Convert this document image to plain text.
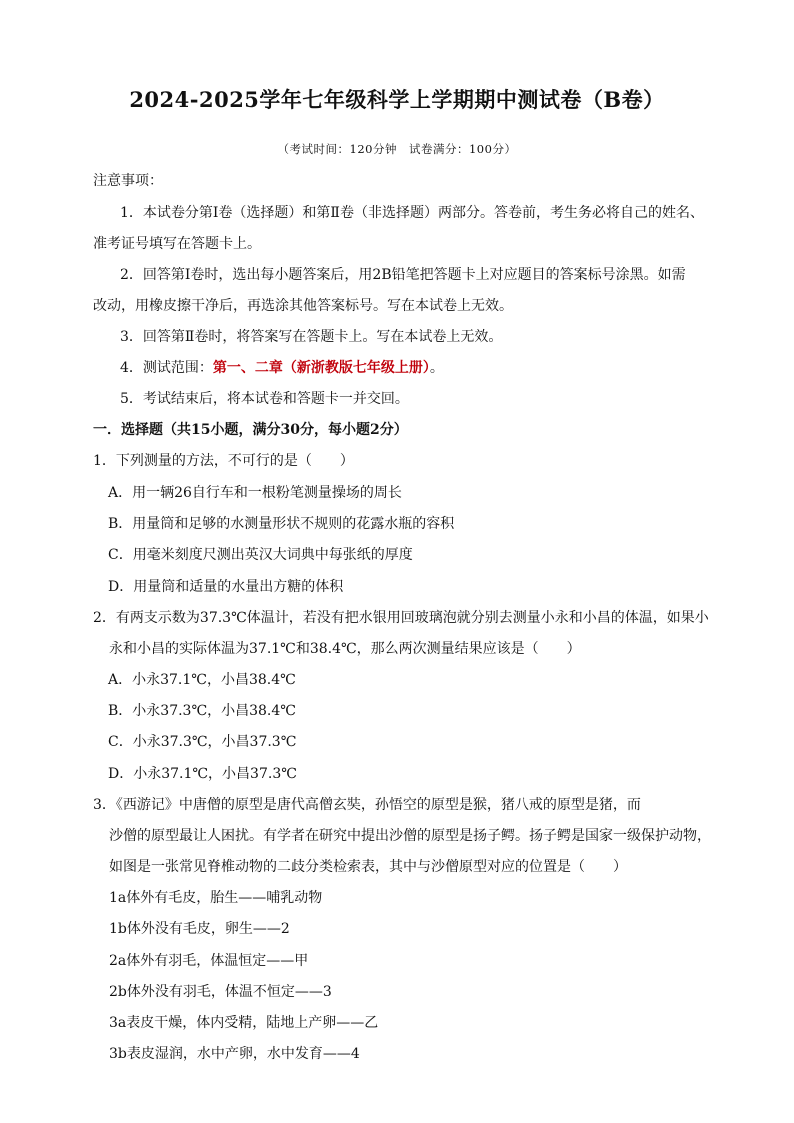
2024-2025学年七年级科学上学期期中测试卷（B卷）
（考试时间：120分钟　试卷满分：100分）
注意事项：
1．本试卷分第Ⅰ卷（选择题）和第Ⅱ卷（非选择题）两部分。答卷前，考生务必将自己的姓名、
准考证号填写在答题卡上。
2．回答第Ⅰ卷时，选出每小题答案后，用2B铅笔把答题卡上对应题目的答案标号涂黑。如需
改动，用橡皮擦干净后，再选涂其他答案标号。写在本试卷上无效。
3．回答第Ⅱ卷时，将答案写在答题卡上。写在本试卷上无效。
4．测试范围：第一、二章（新浙教版七年级上册）。
5．考试结束后，将本试卷和答题卡一并交回。
一．选择题（共15小题，满分30分，每小题2分）
1．下列测量的方法，不可行的是（　　）
A．用一辆26自行车和一根粉笔测量操场的周长
B．用量筒和足够的水测量形状不规则的花露水瓶的容积
C．用毫米刻度尺测出英汉大词典中每张纸的厚度
D．用量筒和适量的水量出方糖的体积
2．有两支示数为37.3℃体温计，若没有把水银用回玻璃泡就分别去测量小永和小昌的体温，如果小
永和小昌的实际体温为37.1℃和38.4℃，那么两次测量结果应该是（　　）
A．小永37.1℃，小昌38.4℃
B．小永37.3℃，小昌38.4℃
C．小永37.3℃，小昌37.3℃
D．小永37.1℃，小昌37.3℃
3．《西游记》中唐僧的原型是唐代高僧玄奘，孙悟空的原型是猴，猪八戒的原型是猪，而
沙僧的原型最让人困扰。有学者在研究中提出沙僧的原型是扬子鳄。扬子鳄是国家一级保护动物，
如图是一张常见脊椎动物的二歧分类检索表，其中与沙僧原型对应的位置是（　　）
1a体外有毛皮，胎生——哺乳动物
1b体外没有毛皮，卵生——2
2a体外有羽毛，体温恒定——甲
2b体外没有羽毛，体温不恒定——3
3a表皮干燥，体内受精，陆地上产卵——乙
3b表皮湿润，水中产卵，水中发育——4
